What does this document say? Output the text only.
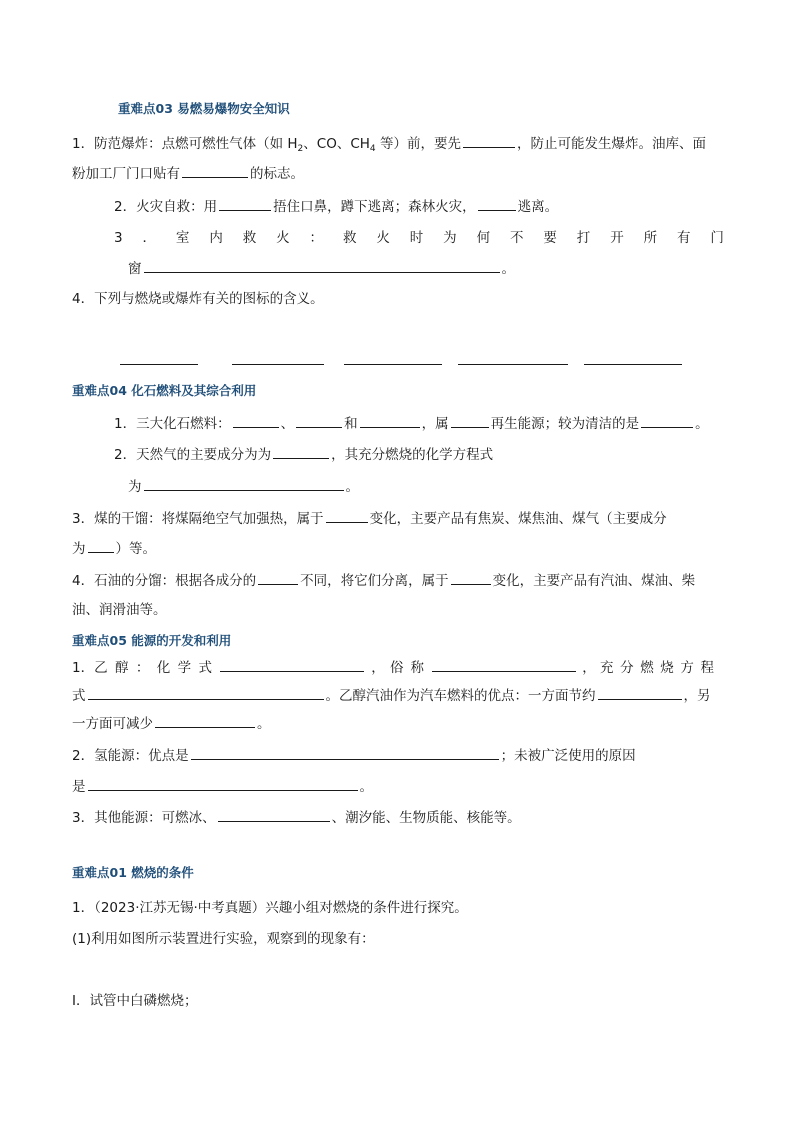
重难点03 易燃易爆物安全知识
1．防范爆炸：点燃可燃性气体（如 $H_2$、CO、$CH_4$ 等）前，要先	，防止可能发生爆炸。油库、面
粉加工厂门口贴有	的标志。
2．火灾自救：用	捂住口鼻，蹲下逃离；森林火灾，	逃离。
3 ． 室 内 救 火 ： 救 火 时 为 何 不 要 打 开 所 有 门
窗	。
4．下列与燃烧或爆炸有关的图标的含义。
重难点04 化石燃料及其综合利用
1．三大化石燃料：	、	和	，属	再生能源；较为清洁的是	。
2．天然气的主要成分为为	，其充分燃烧的化学方程式
为	。
3．煤的干馏：将煤隔绝空气加强热，属于	变化，主要产品有焦炭、煤焦油、煤气（主要成分
为 ）等。
4．石油的分馏：根据各成分的	不同，将它们分离，属于	变化，主要产品有汽油、煤油、柴
油、润滑油等。
重难点05 能源的开发和利用
1．乙 醇 ： 化 学 式	， 俗 称	， 充 分 燃 烧 方 程
式	。乙醇汽油作为汽车燃料的优点：一方面节约	，另
一方面可减少	。
2．氢能源：优点是	；未被广泛使用的原因
是	。
3．其他能源：可燃冰、	、潮汐能、生物质能、核能等。
重难点01 燃烧的条件
1．（2023·江苏无锡·中考真题）兴趣小组对燃烧的条件进行探究。
(1)利用如图所示装置进行实验，观察到的现象有：
Ⅰ．试管中白磷燃烧；
